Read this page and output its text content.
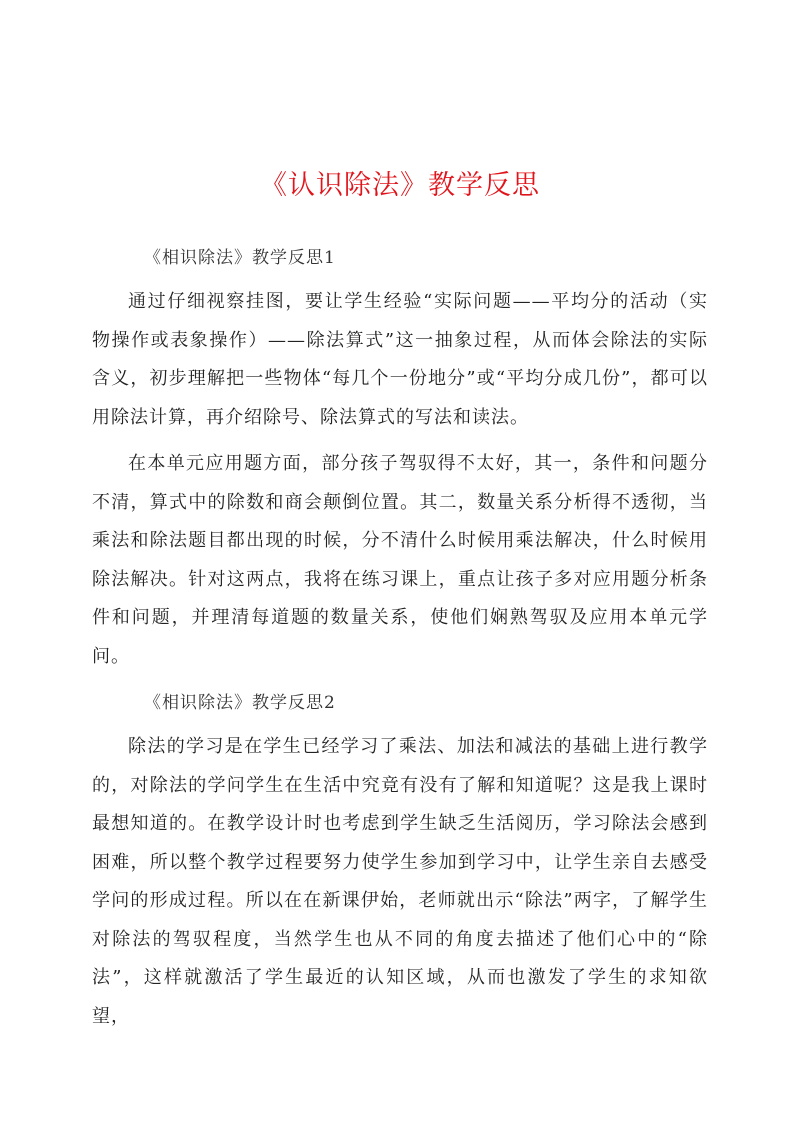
《认识除法》教学反思

《相识除法》教学反思1

通过仔细视察挂图，要让学生经验“实际问题——平均分的活动（实物操作或表象操作）——除法算式”这一抽象过程，从而体会除法的实际含义，初步理解把一些物体“每几个一份地分”或“平均分成几份”，都可以用除法计算，再介绍除号、除法算式的写法和读法。

在本单元应用题方面，部分孩子驾驭得不太好，其一，条件和问题分不清，算式中的除数和商会颠倒位置。其二，数量关系分析得不透彻，当乘法和除法题目都出现的时候，分不清什么时候用乘法解决，什么时候用除法解决。针对这两点，我将在练习课上，重点让孩子多对应用题分析条件和问题，并理清每道题的数量关系，使他们娴熟驾驭及应用本单元学问。

《相识除法》教学反思2

除法的学习是在学生已经学习了乘法、加法和减法的基础上进行教学的，对除法的学问学生在生活中究竟有没有了解和知道呢？这是我上课时最想知道的。在教学设计时也考虑到学生缺乏生活阅历，学习除法会感到困难，所以整个教学过程要努力使学生参加到学习中，让学生亲自去感受学问的形成过程。所以在在新课伊始，老师就出示“除法”两字，了解学生对除法的驾驭程度，当然学生也从不同的角度去描述了他们心中的“除法”，这样就激活了学生最近的认知区域，从而也激发了学生的求知欲望，
